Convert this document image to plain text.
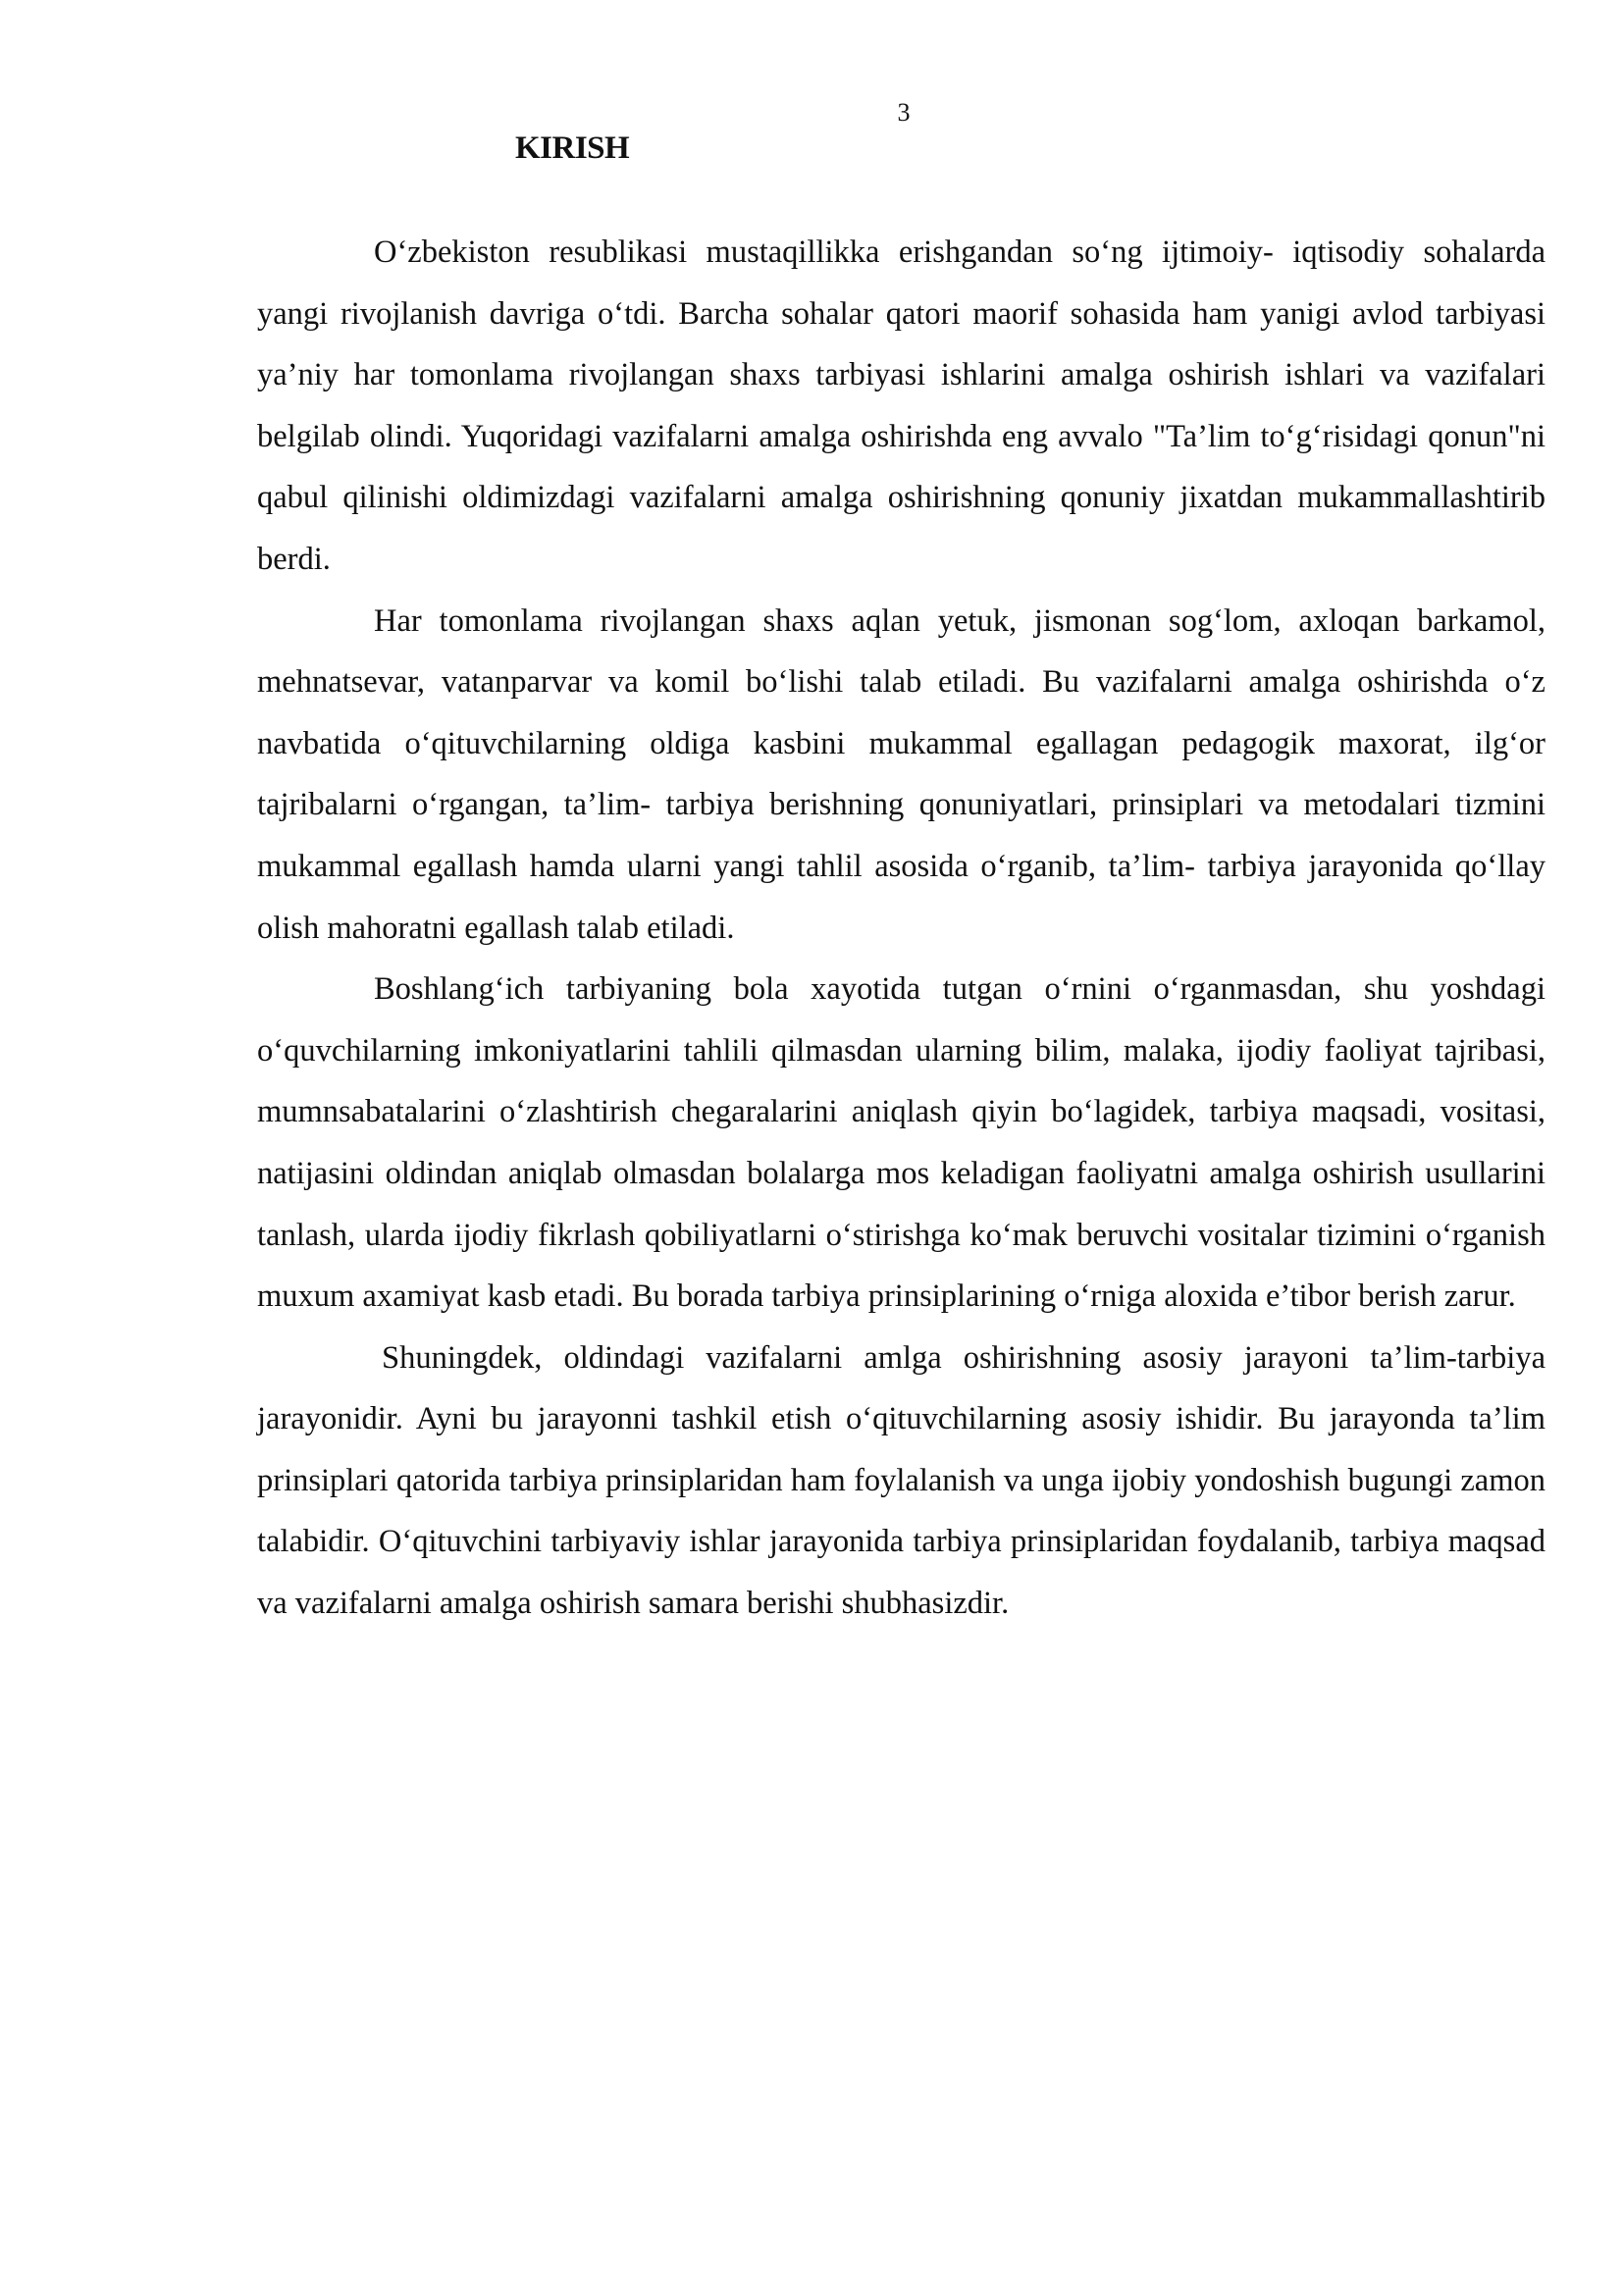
3
KIRISH

O‘zbekiston resublikasi mustaqillikka erishgandan so‘ng ijtimoiy- iqtisodiy sohalarda yangi rivojlanish davriga o‘tdi. Barcha sohalar qatori maorif sohasida ham yanigi avlod tarbiyasi ya’niy har tomonlama rivojlangan shaxs tarbiyasi ishlarini amalga oshirish ishlari va vazifalari belgilab olindi. Yuqoridagi vazifalarni amalga oshirishda eng avvalo "Ta’lim to‘g‘risidagi qonun"ni qabul qilinishi oldimizdagi vazifalarni amalga oshirishning qonuniy jixatdan mukammallashtirib berdi.

Har tomonlama rivojlangan shaxs aqlan yetuk, jismonan sog‘lom, axloqan barkamol, mehnatsevar, vatanparvar va komil bo‘lishi talab etiladi. Bu vazifalarni amalga oshirishda o‘z navbatida o‘qituvchilarning oldiga kasbini mukammal egallagan pedagogik maxorat, ilg‘or tajribalarni o‘rgangan, ta’lim- tarbiya berishning qonuniyatlari, prinsiplari va metodalari tizmini mukammal egallash hamda ularni yangi tahlil asosida o‘rganib, ta’lim- tarbiya jarayonida qo‘llay olish mahoratni egallash talab etiladi.

Boshlang‘ich tarbiyaning bola xayotida tutgan o‘rnini o‘rganmasdan, shu yoshdagi o‘quvchilarning imkoniyatlarini tahlili qilmasdan ularning bilim, malaka, ijodiy faoliyat tajribasi, mumnsabatalarini o‘zlashtirish chegaralarini aniqlash qiyin bo‘lagidek, tarbiya maqsadi, vositasi, natijasini oldindan aniqlab olmasdan bolalarga mos keladigan faoliyatni amalga oshirish usullarini tanlash, ularda ijodiy fikrlash qobiliyatlarni o‘stirishga ko‘mak beruvchi vositalar tizimini o‘rganish muxum axamiyat kasb etadi. Bu borada tarbiya prinsiplarining o‘rniga aloxida e’tibor berish zarur.

Shuningdek, oldindagi vazifalarni amlga oshirishning asosiy jarayoni ta’lim-tarbiya jarayonidir. Ayni bu jarayonni tashkil etish o‘qituvchilarning asosiy ishidir. Bu jarayonda ta’lim prinsiplari qatorida tarbiya prinsiplaridan ham foylalanish va unga ijobiy yondoshish bugungi zamon talabidir. O‘qituvchini tarbiyaviy ishlar jarayonida tarbiya prinsiplaridan foydalanib, tarbiya maqsad va vazifalarni amalga oshirish samara berishi shubhasizdir.
